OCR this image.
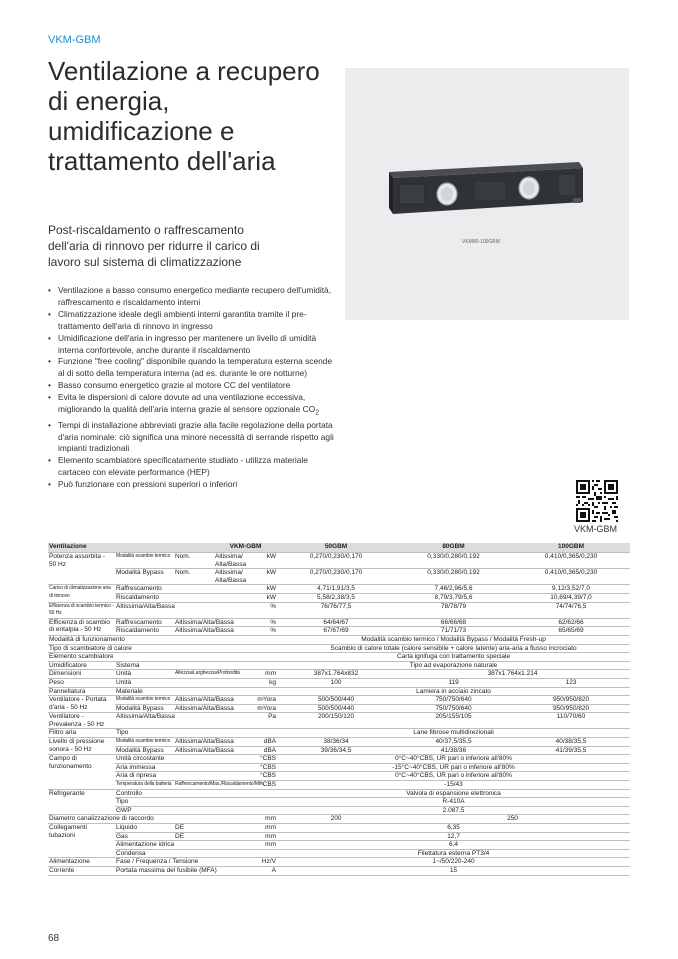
VKM-GBM
Ventilazione a recupero di energia, umidificazione e trattamento dell'aria
Post-riscaldamento o raffrescamento dell'aria di rinnovo per ridurre il carico di lavoro sul sistema di climatizzazione
• Ventilazione a basso consumo energetico mediante recupero dell'umidità, raffrescamento e riscaldamento interni
• Climatizzazione ideale degli ambienti interni garantita tramite il pre-trattamento dell'aria di rinnovo in ingresso
• Umidificazione dell'aria in ingresso per mantenere un livello di umidità interna confortevole, anche durante il riscaldamento
• Funzione "free cooling" disponibile quando la temperatura esterna scende al di sotto della temperatura interna (ad es. durante le ore notturne)
• Basso consumo energetico grazie al motore CC del ventilatore
• Evita le dispersioni di calore dovute ad una ventilazione eccessiva, migliorando la qualità dell'aria interna grazie al sensore opzionale $CO_2$
• Tempi di installazione abbreviati grazie alla facile regolazione della portata d'aria nominale: ciò significa una minore necessità di serrande rispetto agli impianti tradizionali
• Elemento scambiatore specificatamente studiato - utilizza materiale cartaceo con elevate performance (HEP)
• Può funzionare con pressioni superiori o inferiori
VKM80-100GBM
VKM-GBM
Ventilazione			VKM-GBM		50GBM	80GBM	100GBM
Potenza assorbita - 50 Hz	Modalità scambio termico	Nom.	Altissima/ Alta/Bassa	kW	0,270/0,230/0,170	0,330/0,280/0,192	0,410/0,365/0,230
	Modalità Bypass	Nom.	Altissima/ Alta/Bassa	kW	0,270/0,230/0,170	0,330/0,280/0,192	0,410/0,365/0,230
Carico di climatizzazione aria di rinnovo	Raffrescamento			kW	4,71/1,91/3,5	7,46/2,96/5,6	9,12/3,52/7,0
	Riscaldamento			kW	5,58/2,38/3,5	8,79/3,79/5,6	10,69/4,39/7,0
Efficienza di scambio termico - 50 Hz	Altissima/Alta/Bassa			%	76/76/77,5	78/78/79	74/74/76,5
Efficienza di scambio di entalpia - 50 Hz	Raffrescamento	Altissima/Alta/Bassa		%	64/64/67	66/66/68	62/62/66
	Riscaldamento	Altissima/Alta/Bassa		%	67/67/69	71/71/73	65/65/69
Modalità di funzionamento					Modalità scambio termico / Modalità Bypass / Modalità Fresh-up		
Tipo di scambiatore di calore					Scambio di calore totale (calore sensibile + calore latente) aria-aria a flusso incrociato		
Elemento scambiatore					Carta ignifuga con trattamento speciale		
Umidificatore	Sistema				Tipo ad evaporazione naturale		
Dimensioni	Unità	AltezzaxLarghezzaxProfondità		mm	387x1.764x832	387x1.764x1.214	
Peso	Unità			kg	100	119	123
Pannellatura	Materiale				Lamiera in acciaio zincato		
Ventilatore - Portata d'aria - 50 Hz	Modalità scambio termico	Altissima/Alta/Bassa		m³/ora	500/500/440	750/750/640	950/950/820
	Modalità Bypass	Altissima/Alta/Bassa		m³/ora	500/500/440	750/750/640	950/950/820
Ventilatore - Prevalenza - 50 Hz	Altissima/Alta/Bassa			Pa	200/150/120	205/155/105	110/70/60
Filtro aria	Tipo				Lane fibrose multidirezionali		
Livello di pressione sonora - 50 Hz	Modalità scambio termico	Altissima/Alta/Bassa		dBA	38/36/34	40/37,5/35,5	40/38/35,5
	Modalità Bypass	Altissima/Alta/Bassa		dBA	39/36/34,5	41/38/36	41/39/35,5
Campo di funzionamento	Unità circostante			°CBS	0°C~40°CBS, UR pari o inferiore all'80%		
	Aria immessa			°CBS	-15°C~40°CBS, UR pari o inferiore all'80%		
	Aria di ripresa			°CBS	0°C~40°CBS, UR pari o inferiore all'80%		
	Temperatura della batteria	Raffrescamento/Max./Riscaldamento/Min.		°CBS	-15/43		
Refrigerante	Controllo				Valvola di espansione elettronica		
	Tipo				R-410A		
	GWP				2.087,5		
Diametro canalizzazione di raccordo				mm	200	250	
Collegamenti tubazioni	Liquido	DE		mm	6,35		
	Gas	DE		mm	12,7		
	Alimentazione idrica			mm	6,4		
	Condensa				Filettatura esterna PT3/4		
Alimentazione	Fase / Frequenza / Tensione			Hz/V	1~/50/220-240		
Corrente	Portata massima del fusibile (MFA)			A	15		
68
